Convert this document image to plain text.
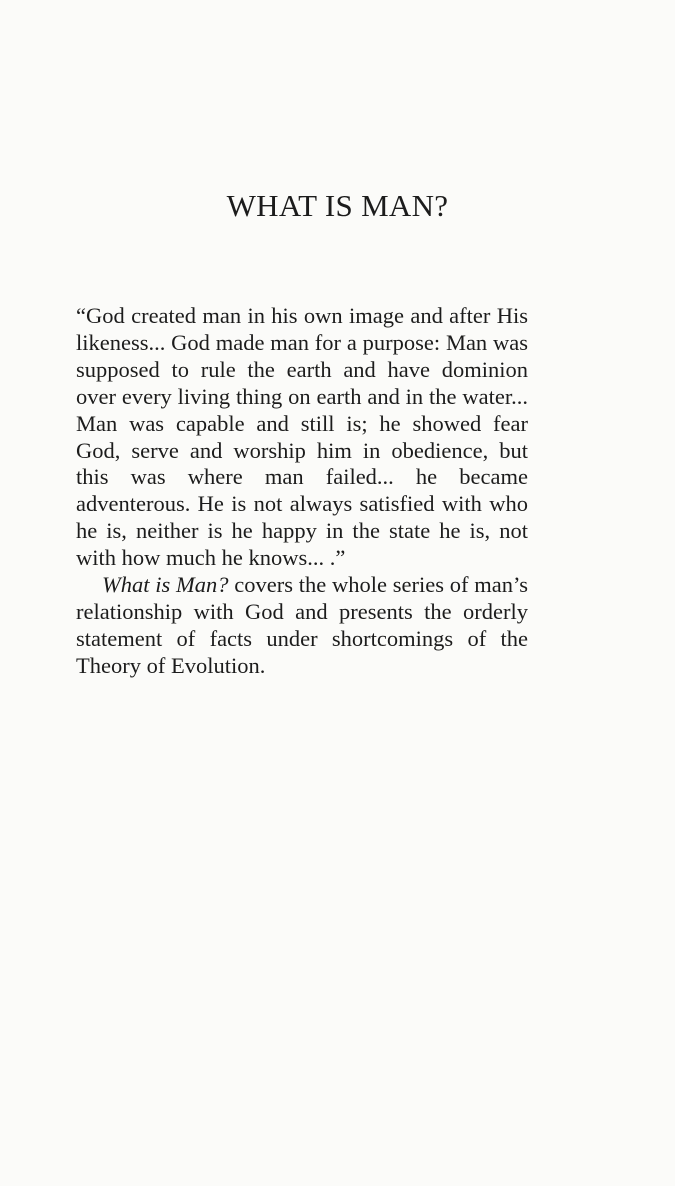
WHAT IS MAN?

“God created man in his own image and after His likeness... God made man for a purpose: Man was supposed to rule the earth and have dominion over every living thing on earth and in the water... Man was capable and still is; he showed fear God, serve and worship him in obedience, but this was where man failed... he became adventerous. He is not always satisfied with who he is, neither is he happy in the state he is, not with how much he knows... .”

What is Man? covers the whole series of man’s relationship with God and presents the orderly statement of facts under shortcomings of the Theory of Evolution.
